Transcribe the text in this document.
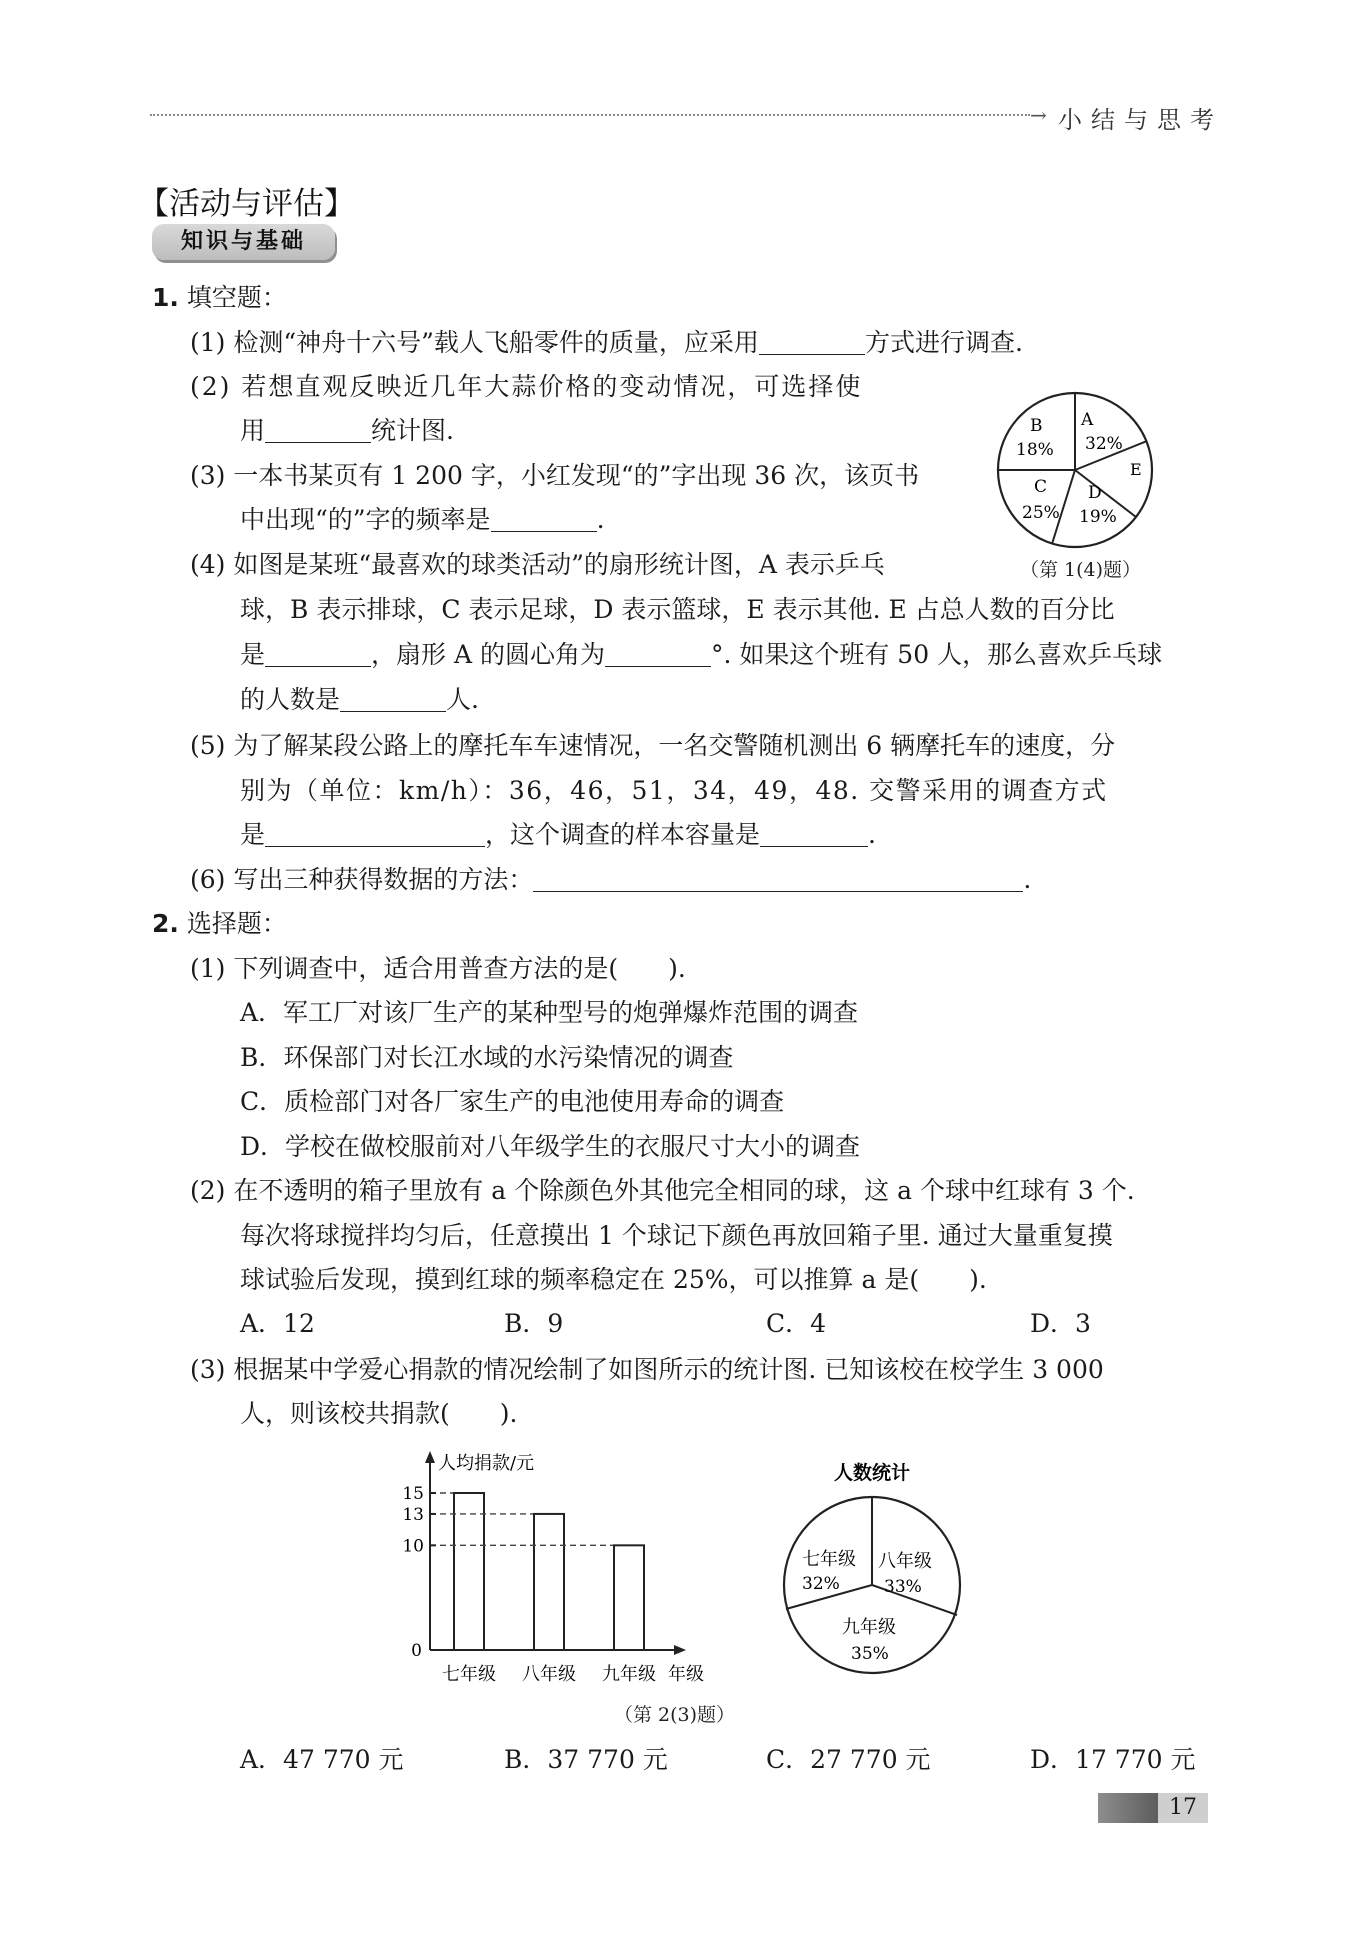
→ 小结与思考
【活动与评估】
知识与基础
1. 填空题：
(1) 检测“神舟十六号”载人飞船零件的质量，应采用	方式进行调查.
(2) 若想直观反映近几年大蒜价格的变动情况，可选择使
用	统计图.
(3) 一本书某页有 1 200 字，小红发现“的”字出现 36 次，该页书
中出现“的”字的频率是	.
A
32%
B
18%
C
25%
D
19%
E
（第 1(4)题）
(4) 如图是某班“最喜欢的球类活动”的扇形统计图，A 表示乒乓
球，B 表示排球，C 表示足球，D 表示篮球，E 表示其他. E 占总人数的百分比
是	，扇形 A 的圆心角为	°. 如果这个班有 50 人，那么喜欢乒乓球
的人数是	人.
(5) 为了解某段公路上的摩托车车速情况，一名交警随机测出 6 辆摩托车的速度，分
别为（单位：km/h）：36，46，51，34，49，48. 交警采用的调查方式
是	，这个调查的样本容量是	.
(6) 写出三种获得数据的方法：	.
2. 选择题：
(1) 下列调查中，适合用普查方法的是(　　).
A．军工厂对该厂生产的某种型号的炮弹爆炸范围的调查
B．环保部门对长江水域的水污染情况的调查
C．质检部门对各厂家生产的电池使用寿命的调查
D．学校在做校服前对八年级学生的衣服尺寸大小的调查
(2) 在不透明的箱子里放有 a 个除颜色外其他完全相同的球，这 a 个球中红球有 3 个.
每次将球搅拌均匀后，任意摸出 1 个球记下颜色再放回箱子里. 通过大量重复摸
球试验后发现，摸到红球的频率稳定在 25%，可以推算 a 是(　　).
A．12	B．9	C．4	D．3
(3) 根据某中学爱心捐款的情况绘制了如图所示的统计图. 已知该校在校学生 3 000
人，则该校共捐款(　　).
人均捐款/元
年级
0
15
七年级
13
八年级
10
九年级
人数统计
七年级
32%
八年级
33%
九年级
35%
（第 2(3)题）
A．47 770 元	B．37 770 元	C．27 770 元	D．17 770 元
17
